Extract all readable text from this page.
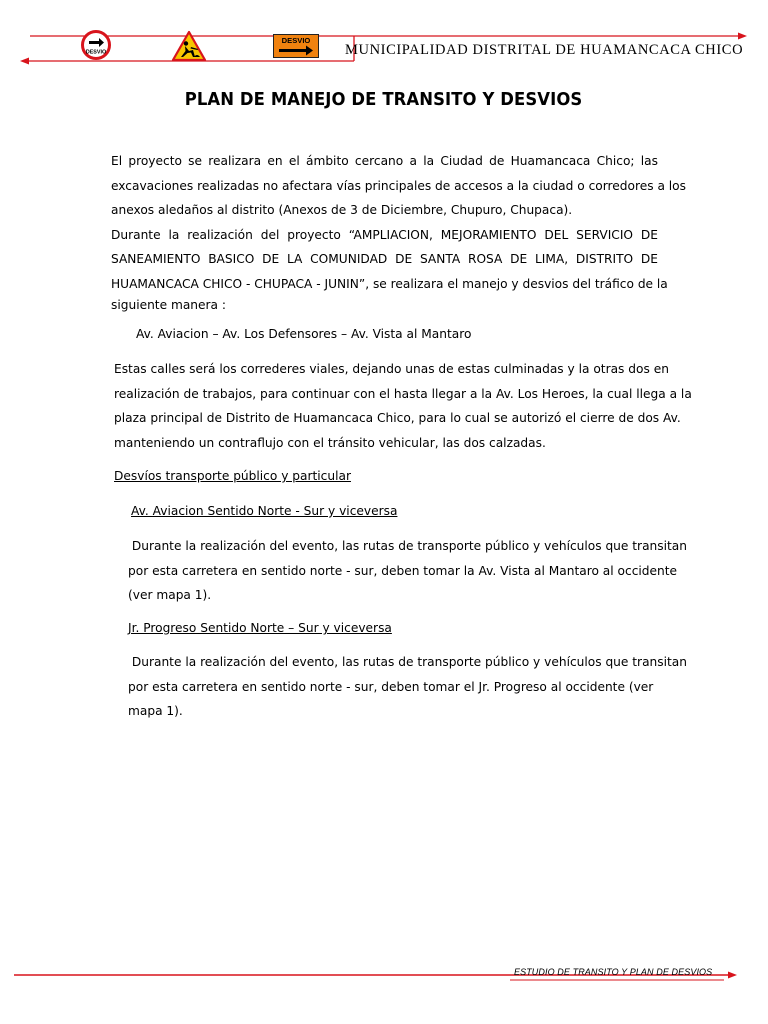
DESVIO
DESVIO
MUNICIPALIDAD DISTRITAL DE HUAMANCACA CHICO
PLAN DE MANEJO DE TRANSITO Y DESVIOS
El proyecto se realizara en el ámbito cercano a la Ciudad de Huamancaca Chico; las
excavaciones realizadas no afectara vías principales de accesos a la ciudad o corredores a los
anexos aledaños al distrito (Anexos de 3 de Diciembre, Chupuro, Chupaca).
Durante la realización del proyecto “AMPLIACION, MEJORAMIENTO DEL SERVICIO DE
SANEAMIENTO BASICO DE LA COMUNIDAD DE SANTA ROSA DE LIMA, DISTRITO DE
HUAMANCACA CHICO - CHUPACA - JUNIN”, se realizara el manejo y desvios del tráfico de la
siguiente manera :
Av. Aviacion – Av. Los Defensores – Av. Vista al Mantaro
Estas calles será los correderes viales, dejando unas de estas culminadas y la otras dos en
realización de trabajos, para continuar con el hasta llegar a la Av. Los Heroes, la cual llega a la
plaza principal de Distrito de Huamancaca Chico, para lo cual se autorizó el cierre de dos Av.
manteniendo un contraflujo con el tránsito vehicular, las dos calzadas.
Desvíos transporte público y particular
Av. Aviacion Sentido Norte - Sur y viceversa
Durante la realización del evento, las rutas de transporte público y vehículos que transitan
por esta carretera en sentido norte - sur, deben tomar la Av. Vista al Mantaro al occidente
(ver mapa 1).
Jr. Progreso Sentido Norte – Sur y viceversa
Durante la realización del evento, las rutas de transporte público y vehículos que transitan
por esta carretera en sentido norte - sur, deben tomar el Jr. Progreso al occidente (ver
mapa 1).
ESTUDIO DE TRANSITO Y PLAN DE DESVIOS
